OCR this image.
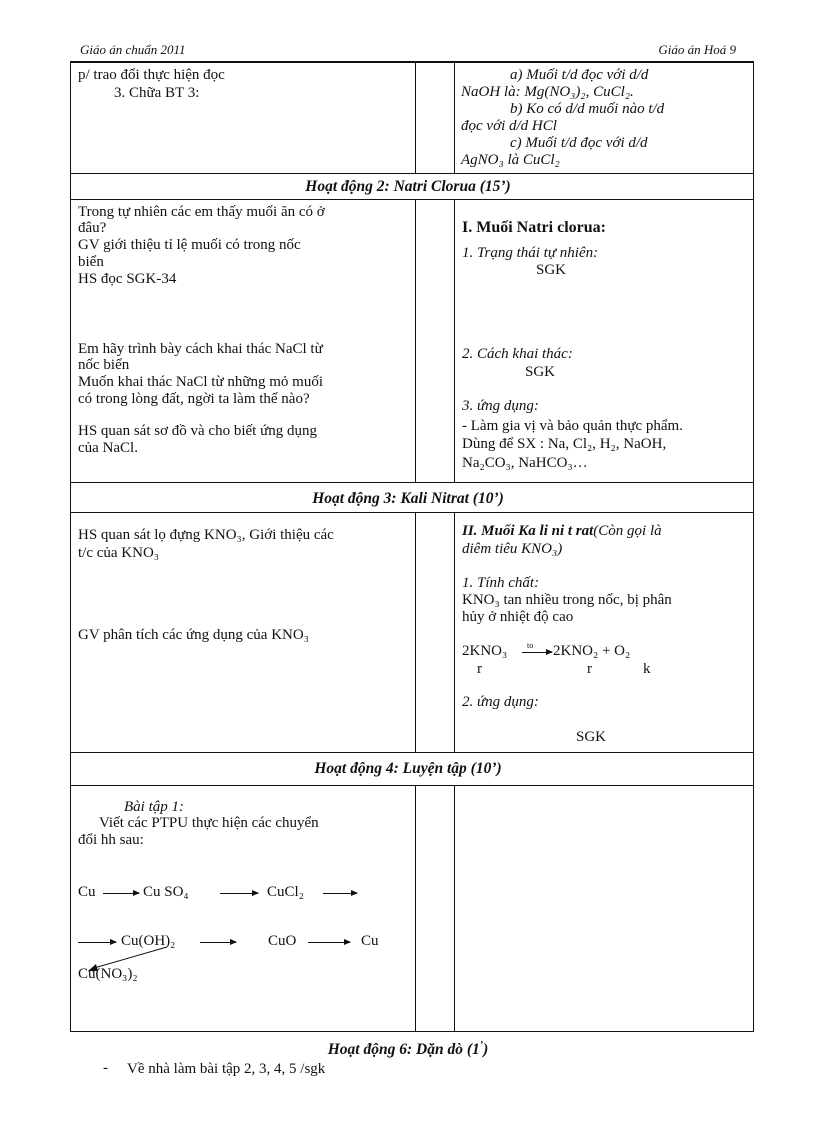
Giáo án chuẩn 2011	Giáo án Hoá 9
p/ trao đổi thực hiện đọc
3. Chữa BT 3:
a) Muối t/d đọc với d/d
NaOH là: Mg(NO₃)₂, CuCl₂.
b) Ko có d/d muối nào t/d
đọc với d/d HCl
c) Muối t/d đọc với d/d
AgNO₃ là CuCl₂
Hoạt động 2: Natri Clorua (15’)
Trong tự nhiên các em thấy muối ăn có ở
đâu?
GV giới thiệu tỉ lệ muối có trong nốc
biển
HS đọc SGK-34
Em hãy trình bày cách khai thác NaCl từ
nốc biển
Muốn khai thác NaCl từ những mỏ muối
có trong lòng đất, ngời ta làm thế nào?
HS quan sát sơ đồ và cho biết ứng dụng
của NaCl.
I. Muối Natri clorua:
1. Trạng thái tự nhiên:
SGK
2. Cách khai thác:
SGK
3. ứng dụng:
- Làm gia vị và bảo quản thực phẩm.
Dùng để SX : Na, Cl₂, H₂, NaOH,
Na₂CO₃, NaHCO₃…
Hoạt động 3: Kali Nitrat (10’)
HS quan sát lọ đựng KNO₃, Giới thiệu các
t/c của KNO₃
GV phân tích các ứng dụng của KNO₃
II. Muối Ka li ni t rat(Còn gọi là
diêm tiêu KNO₃)
1. Tính chất:
KNO₃ tan nhiều trong nốc, bị phân
hủy ở nhiệt độ cao
2KNO₃ to → 2KNO₂ + O₂
r	r	k
2. ứng dụng:
SGK
Hoạt động 4: Luyện tập (10’)
Bài tập 1:
Viết các PTPU thực hiện các chuyển
đổi hh sau:
Cu	Cu SO₄	CuCl₂
Cu(OH)₂	CuO	Cu
Cu(NO₃)₂
Hoạt động 6: Dặn dò (1’)
- Về nhà làm bài tập 2, 3, 4, 5 /sgk
